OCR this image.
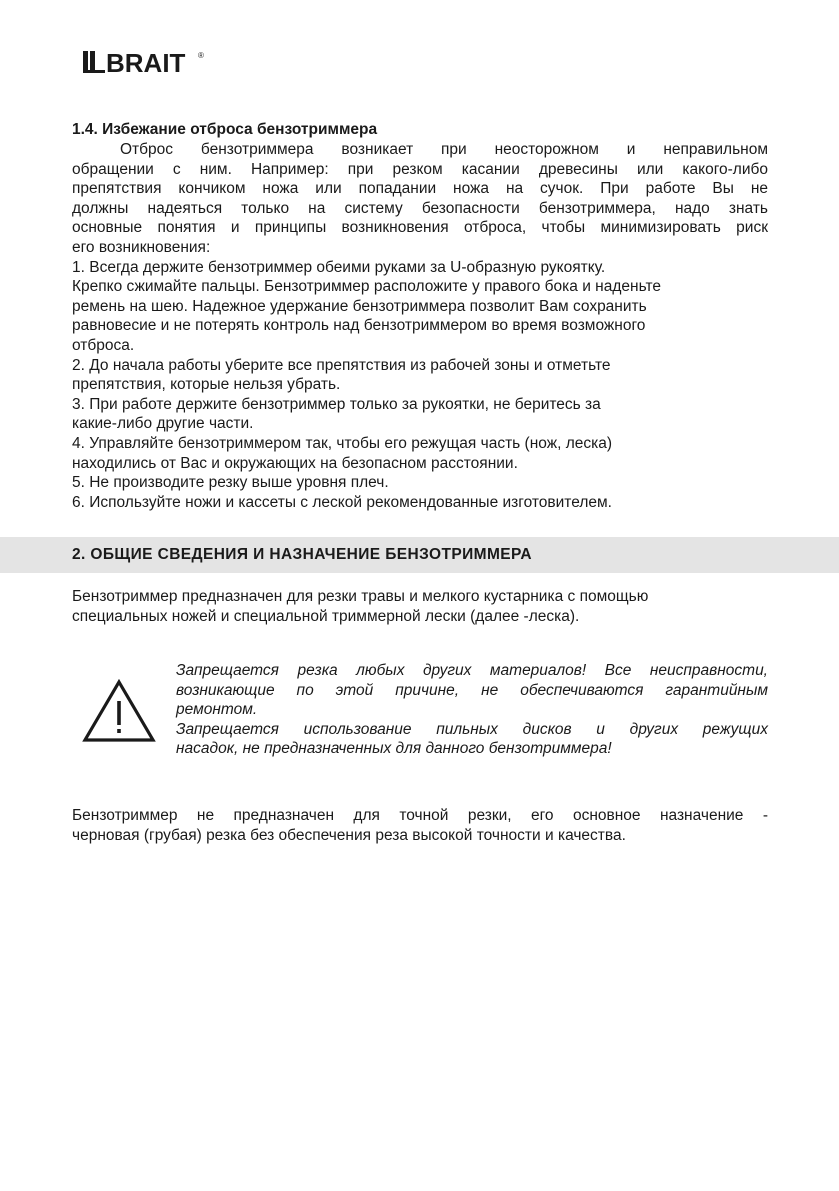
BRAIT ®
1.4. Избежание отброса бензотриммера

Отброс бензотриммера возникает при неосторожном и неправильном

обращении с ним. Например: при резком касании древесины или какого-либо

препятствия кончиком ножа или попадании ножа на сучок. При работе Вы не

должны надеяться только на систему безопасности бензотриммера, надо знать

основные понятия и принципы возникновения отброса, чтобы минимизировать риск

его возникновения:

1. Всегда держите бензотриммер обеими руками за U-образную рукоятку.

Крепко сжимайте пальцы. Бензотриммер расположите у правого бока и наденьте

ремень на шею. Надежное удержание бензотриммера позволит Вам сохранить

равновесие и не потерять контроль над бензотриммером во время возможного

отброса.

2. До начала работы уберите все препятствия из рабочей зоны и отметьте

препятствия, которые нельзя убрать.

3. При работе держите бензотриммер только за рукоятки, не беритесь за

какие-либо другие части.

4. Управляйте бензотриммером так, чтобы его режущая часть (нож, леска)

находились от Вас и окружающих на безопасном расстоянии.

5. Не производите резку выше уровня плеч.

6. Используйте ножи и кассеты с леской рекомендованные изготовителем.

2. ОБЩИЕ СВЕДЕНИЯ И НАЗНАЧЕНИЕ БЕНЗОТРИММЕРА

Бензотриммер предназначен для резки травы и мелкого кустарника с помощью

специальных ножей и специальной триммерной лески (далее -леска).

Запрещается резка любых других материалов! Все неисправности,

возникающие по этой причине, не обеспечиваются гарантийным

ремонтом.

Запрещается использование пильных дисков и других режущих

насадок, не предназначенных для данного бензотриммера!

Бензотриммер не предназначен для точной резки, его основное назначение -

черновая (грубая) резка без обеспечения реза высокой точности и качества.
